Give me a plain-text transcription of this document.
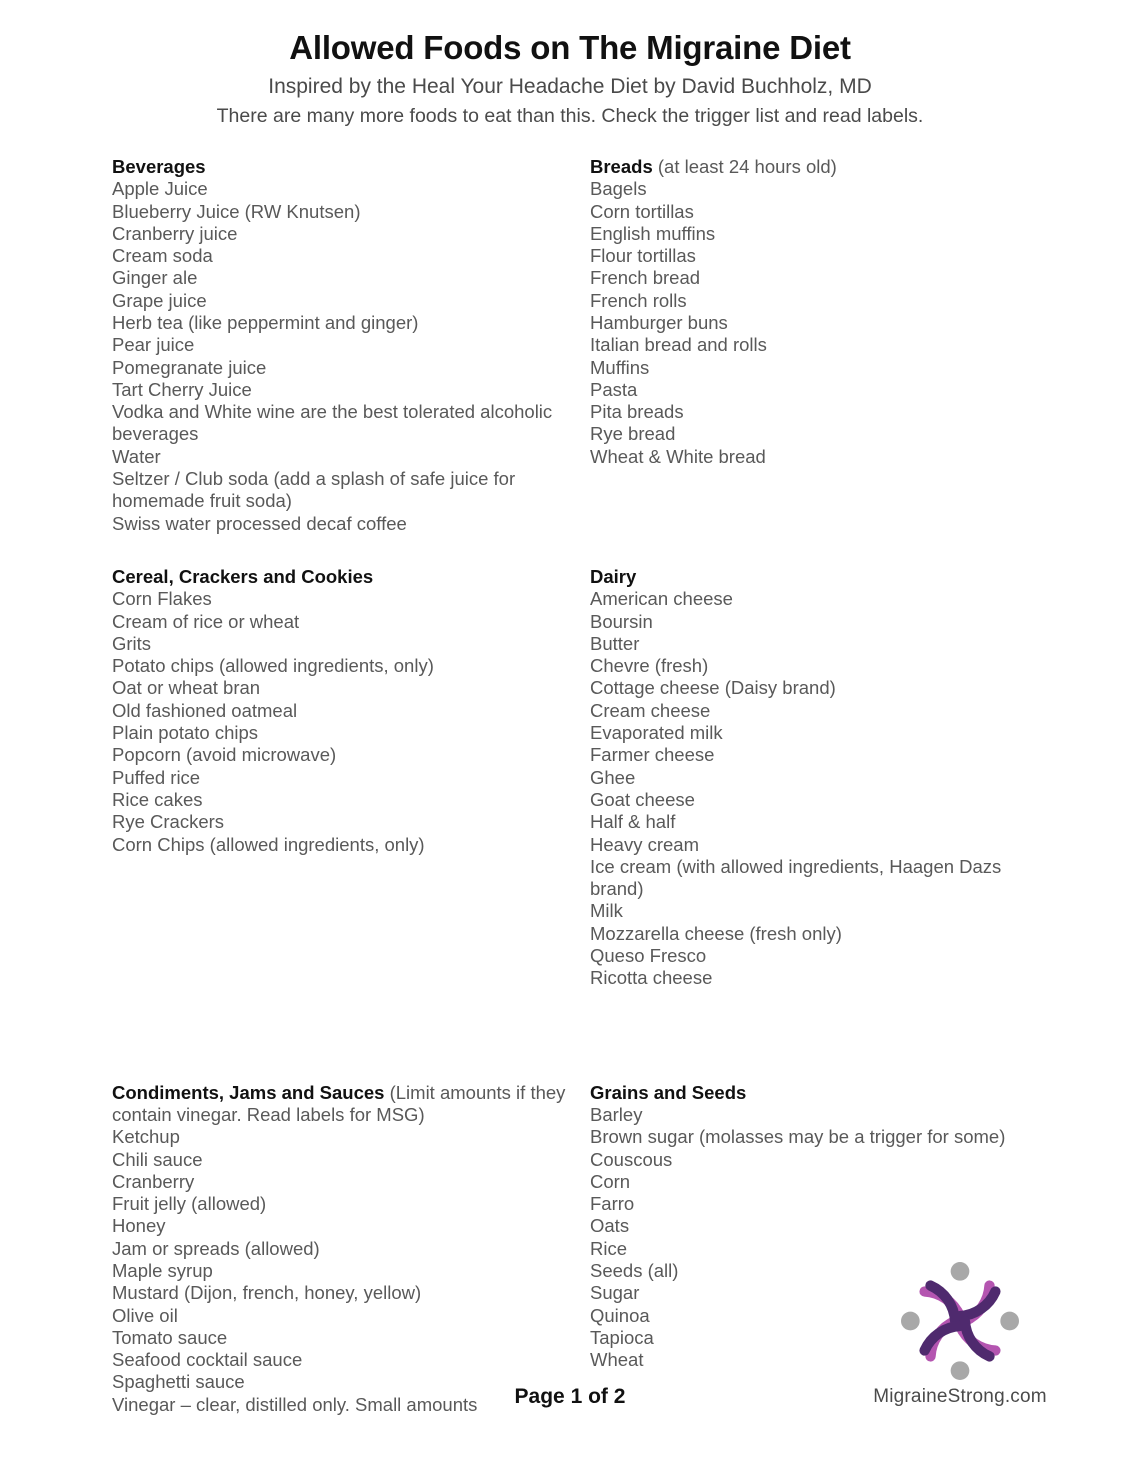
Allowed Foods on The Migraine Diet

Inspired by the Heal Your Headache Diet by David Buchholz, MD

There are many more foods to eat than this. Check the trigger list and read labels.

Beverages
Apple Juice
Blueberry Juice (RW Knutsen)
Cranberry juice
Cream soda
Ginger ale
Grape juice
Herb tea (like peppermint and ginger)
Pear juice
Pomegranate juice
Tart Cherry Juice
Vodka and White wine are the best tolerated alcoholic beverages
Water
Seltzer / Club soda (add a splash of safe juice for homemade fruit soda)
Swiss water processed decaf coffee
Breads (at least 24 hours old)
Bagels
Corn tortillas
English muffins
Flour tortillas
French bread
French rolls
Hamburger buns
Italian bread and rolls
Muffins
Pasta
Pita breads
Rye bread
Wheat & White bread
Cereal, Crackers and Cookies
Corn Flakes
Cream of rice or wheat
Grits
Potato chips (allowed ingredients, only)
Oat or wheat bran
Old fashioned oatmeal
Plain potato chips
Popcorn (avoid microwave)
Puffed rice
Rice cakes
Rye Crackers
Corn Chips (allowed ingredients, only)
Dairy
American cheese
Boursin
Butter
Chevre (fresh)
Cottage cheese (Daisy brand)
Cream cheese
Evaporated milk
Farmer cheese
Ghee
Goat cheese
Half & half
Heavy cream
Ice cream (with allowed ingredients, Haagen Dazs brand)
Milk
Mozzarella cheese (fresh only)
Queso Fresco
Ricotta cheese
Condiments, Jams and Sauces (Limit amounts if they contain vinegar. Read labels for MSG)
Ketchup
Chili sauce
Cranberry
Fruit jelly (allowed)
Honey
Jam or spreads (allowed)
Maple syrup
Mustard (Dijon, french, honey, yellow)
Olive oil
Tomato sauce
Seafood cocktail sauce
Spaghetti sauce
Vinegar – clear, distilled only. Small amounts
Grains and Seeds
Barley
Brown sugar (molasses may be a trigger for some)
Couscous
Corn
Farro
Oats
Rice
Seeds (all)
Sugar
Quinoa
Tapioca
Wheat
Page 1 of 2	MigraineStrong.com
